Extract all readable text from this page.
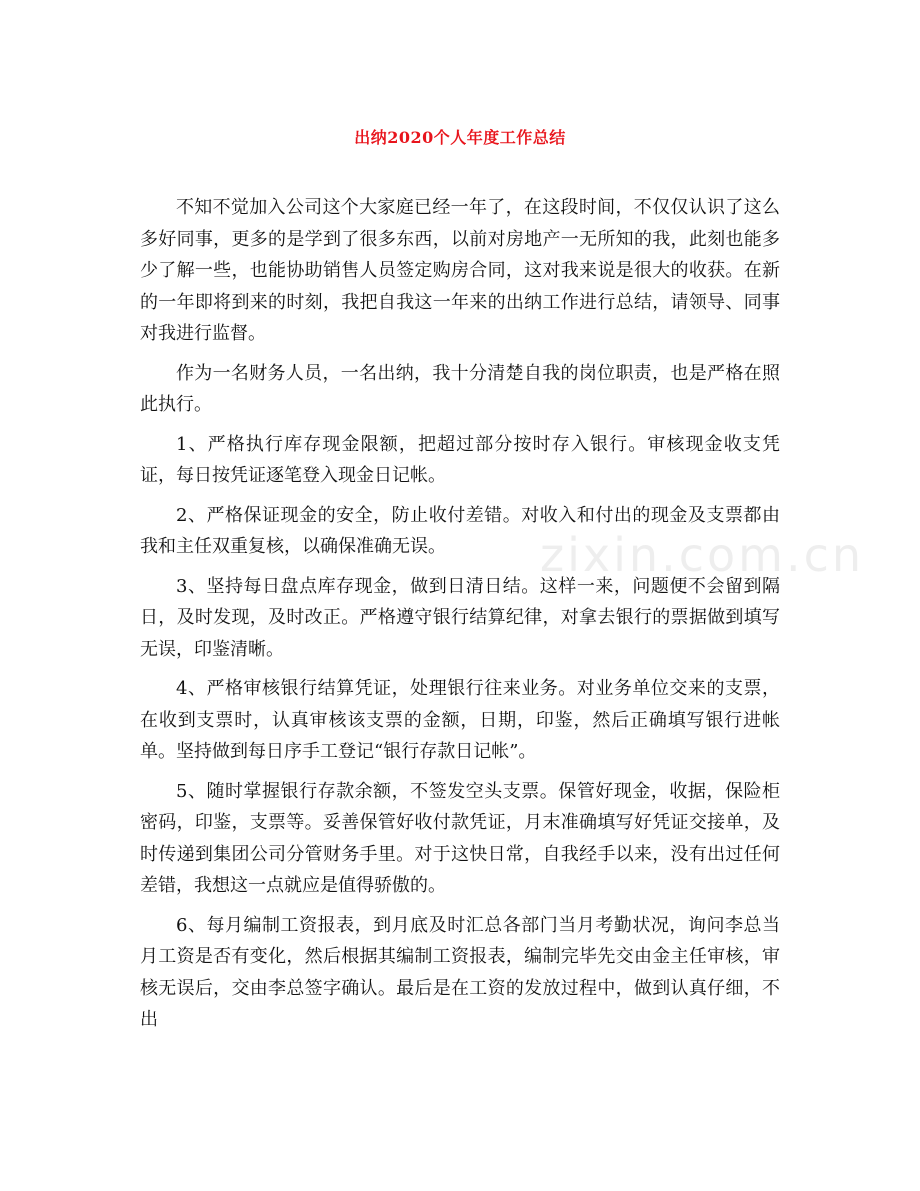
出纳2020个人年度工作总结
zixin.com.cn

不知不觉加入公司这个大家庭已经一年了，在这段时间，不仅仅认识了这么多好同事，更多的是学到了很多东西，以前对房地产一无所知的我，此刻也能多少了解一些，也能协助销售人员签定购房合同，这对我来说是很大的收获。在新的一年即将到来的时刻，我把自我这一年来的出纳工作进行总结，请领导、同事对我进行监督。

作为一名财务人员，一名出纳，我十分清楚自我的岗位职责，也是严格在照此执行。

1、严格执行库存现金限额，把超过部分按时存入银行。审核现金收支凭证，每日按凭证逐笔登入现金日记帐。

2、严格保证现金的安全，防止收付差错。对收入和付出的现金及支票都由我和主任双重复核，以确保准确无误。

3、坚持每日盘点库存现金，做到日清日结。这样一来，问题便不会留到隔日，及时发现，及时改正。严格遵守银行结算纪律，对拿去银行的票据做到填写无误，印鉴清晰。

4、严格审核银行结算凭证，处理银行往来业务。对业务单位交来的支票，在收到支票时，认真审核该支票的金额，日期，印鉴，然后正确填写银行进帐单。坚持做到每日序手工登记“银行存款日记帐”。

5、随时掌握银行存款余额，不签发空头支票。保管好现金，收据，保险柜密码，印鉴，支票等。妥善保管好收付款凭证，月末准确填写好凭证交接单，及时传递到集团公司分管财务手里。对于这快日常，自我经手以来，没有出过任何差错，我想这一点就应是值得骄傲的。

6、每月编制工资报表，到月底及时汇总各部门当月考勤状况，询问李总当月工资是否有变化，然后根据其编制工资报表，编制完毕先交由金主任审核，审核无误后，交由李总签字确认。最后是在工资的发放过程中，做到认真仔细，不出
